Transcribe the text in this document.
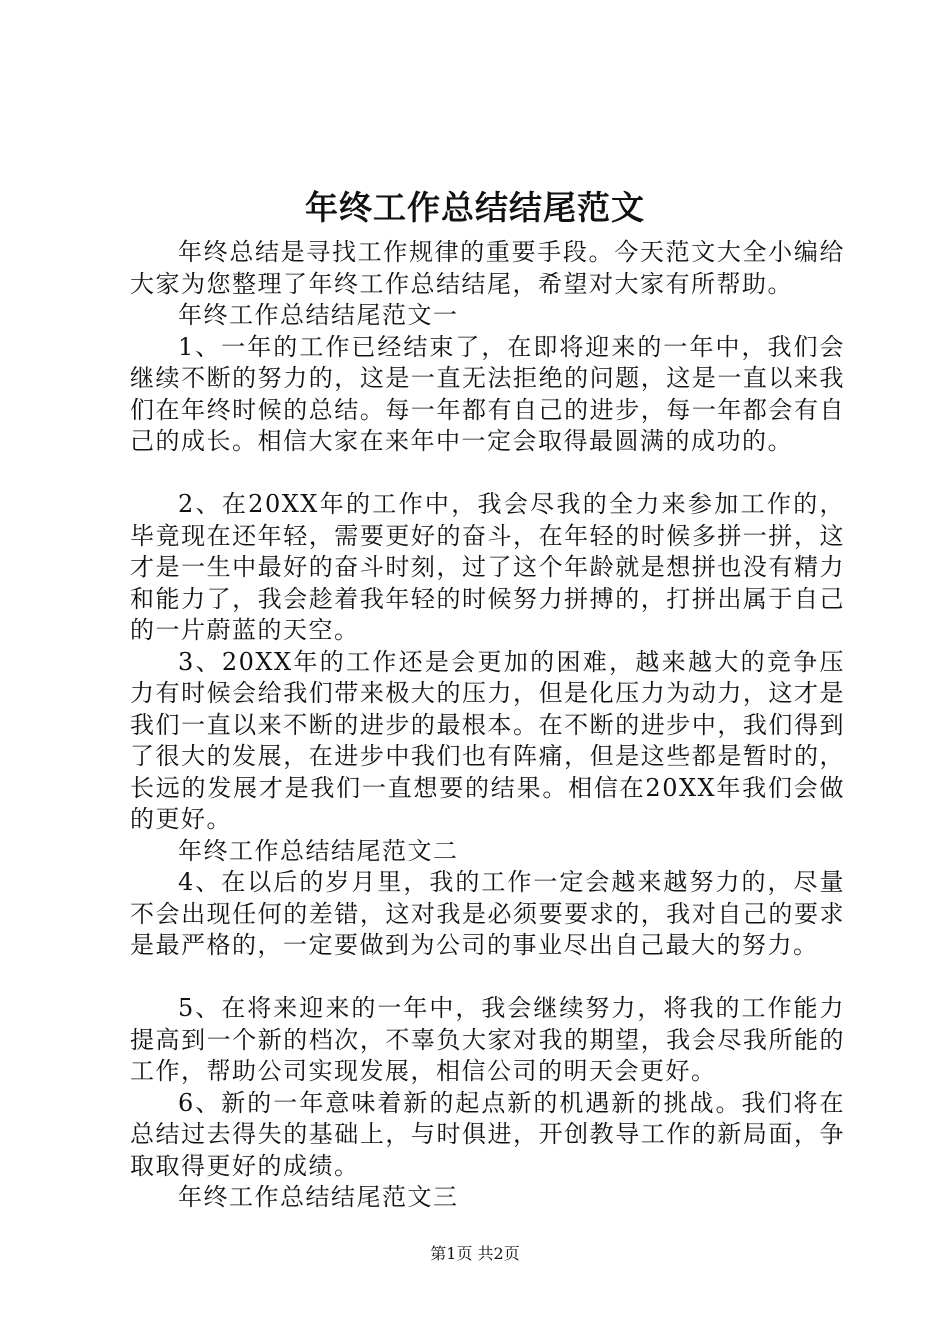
年终工作总结结尾范文

年终总结是寻找工作规律的重要手段。今天范文大全小编给大家为您整理了年终工作总结结尾，希望对大家有所帮助。

年终工作总结结尾范文一

1、一年的工作已经结束了，在即将迎来的一年中，我们会继续不断的努力的，这是一直无法拒绝的问题，这是一直以来我们在年终时候的总结。每一年都有自己的进步，每一年都会有自己的成长。相信大家在来年中一定会取得最圆满的成功的。

2、在20XX年的工作中，我会尽我的全力来参加工作的，毕竟现在还年轻，需要更好的奋斗，在年轻的时候多拼一拼，这才是一生中最好的奋斗时刻，过了这个年龄就是想拼也没有精力和能力了，我会趁着我年轻的时候努力拼搏的，打拼出属于自己的一片蔚蓝的天空。

3、20XX年的工作还是会更加的困难，越来越大的竞争压力有时候会给我们带来极大的压力，但是化压力为动力，这才是我们一直以来不断的进步的最根本。在不断的进步中，我们得到了很大的发展，在进步中我们也有阵痛，但是这些都是暂时的，长远的发展才是我们一直想要的结果。相信在20XX年我们会做的更好。

年终工作总结结尾范文二

4、在以后的岁月里，我的工作一定会越来越努力的，尽量不会出现任何的差错，这对我是必须要要求的，我对自己的要求是最严格的，一定要做到为公司的事业尽出自己最大的努力。

5、在将来迎来的一年中，我会继续努力，将我的工作能力提高到一个新的档次，不辜负大家对我的期望，我会尽我所能的工作，帮助公司实现发展，相信公司的明天会更好。

6、新的一年意味着新的起点新的机遇新的挑战。我们将在总结过去得失的基础上，与时俱进，开创教导工作的新局面，争取取得更好的成绩。

年终工作总结结尾范文三

第1页 共2页
